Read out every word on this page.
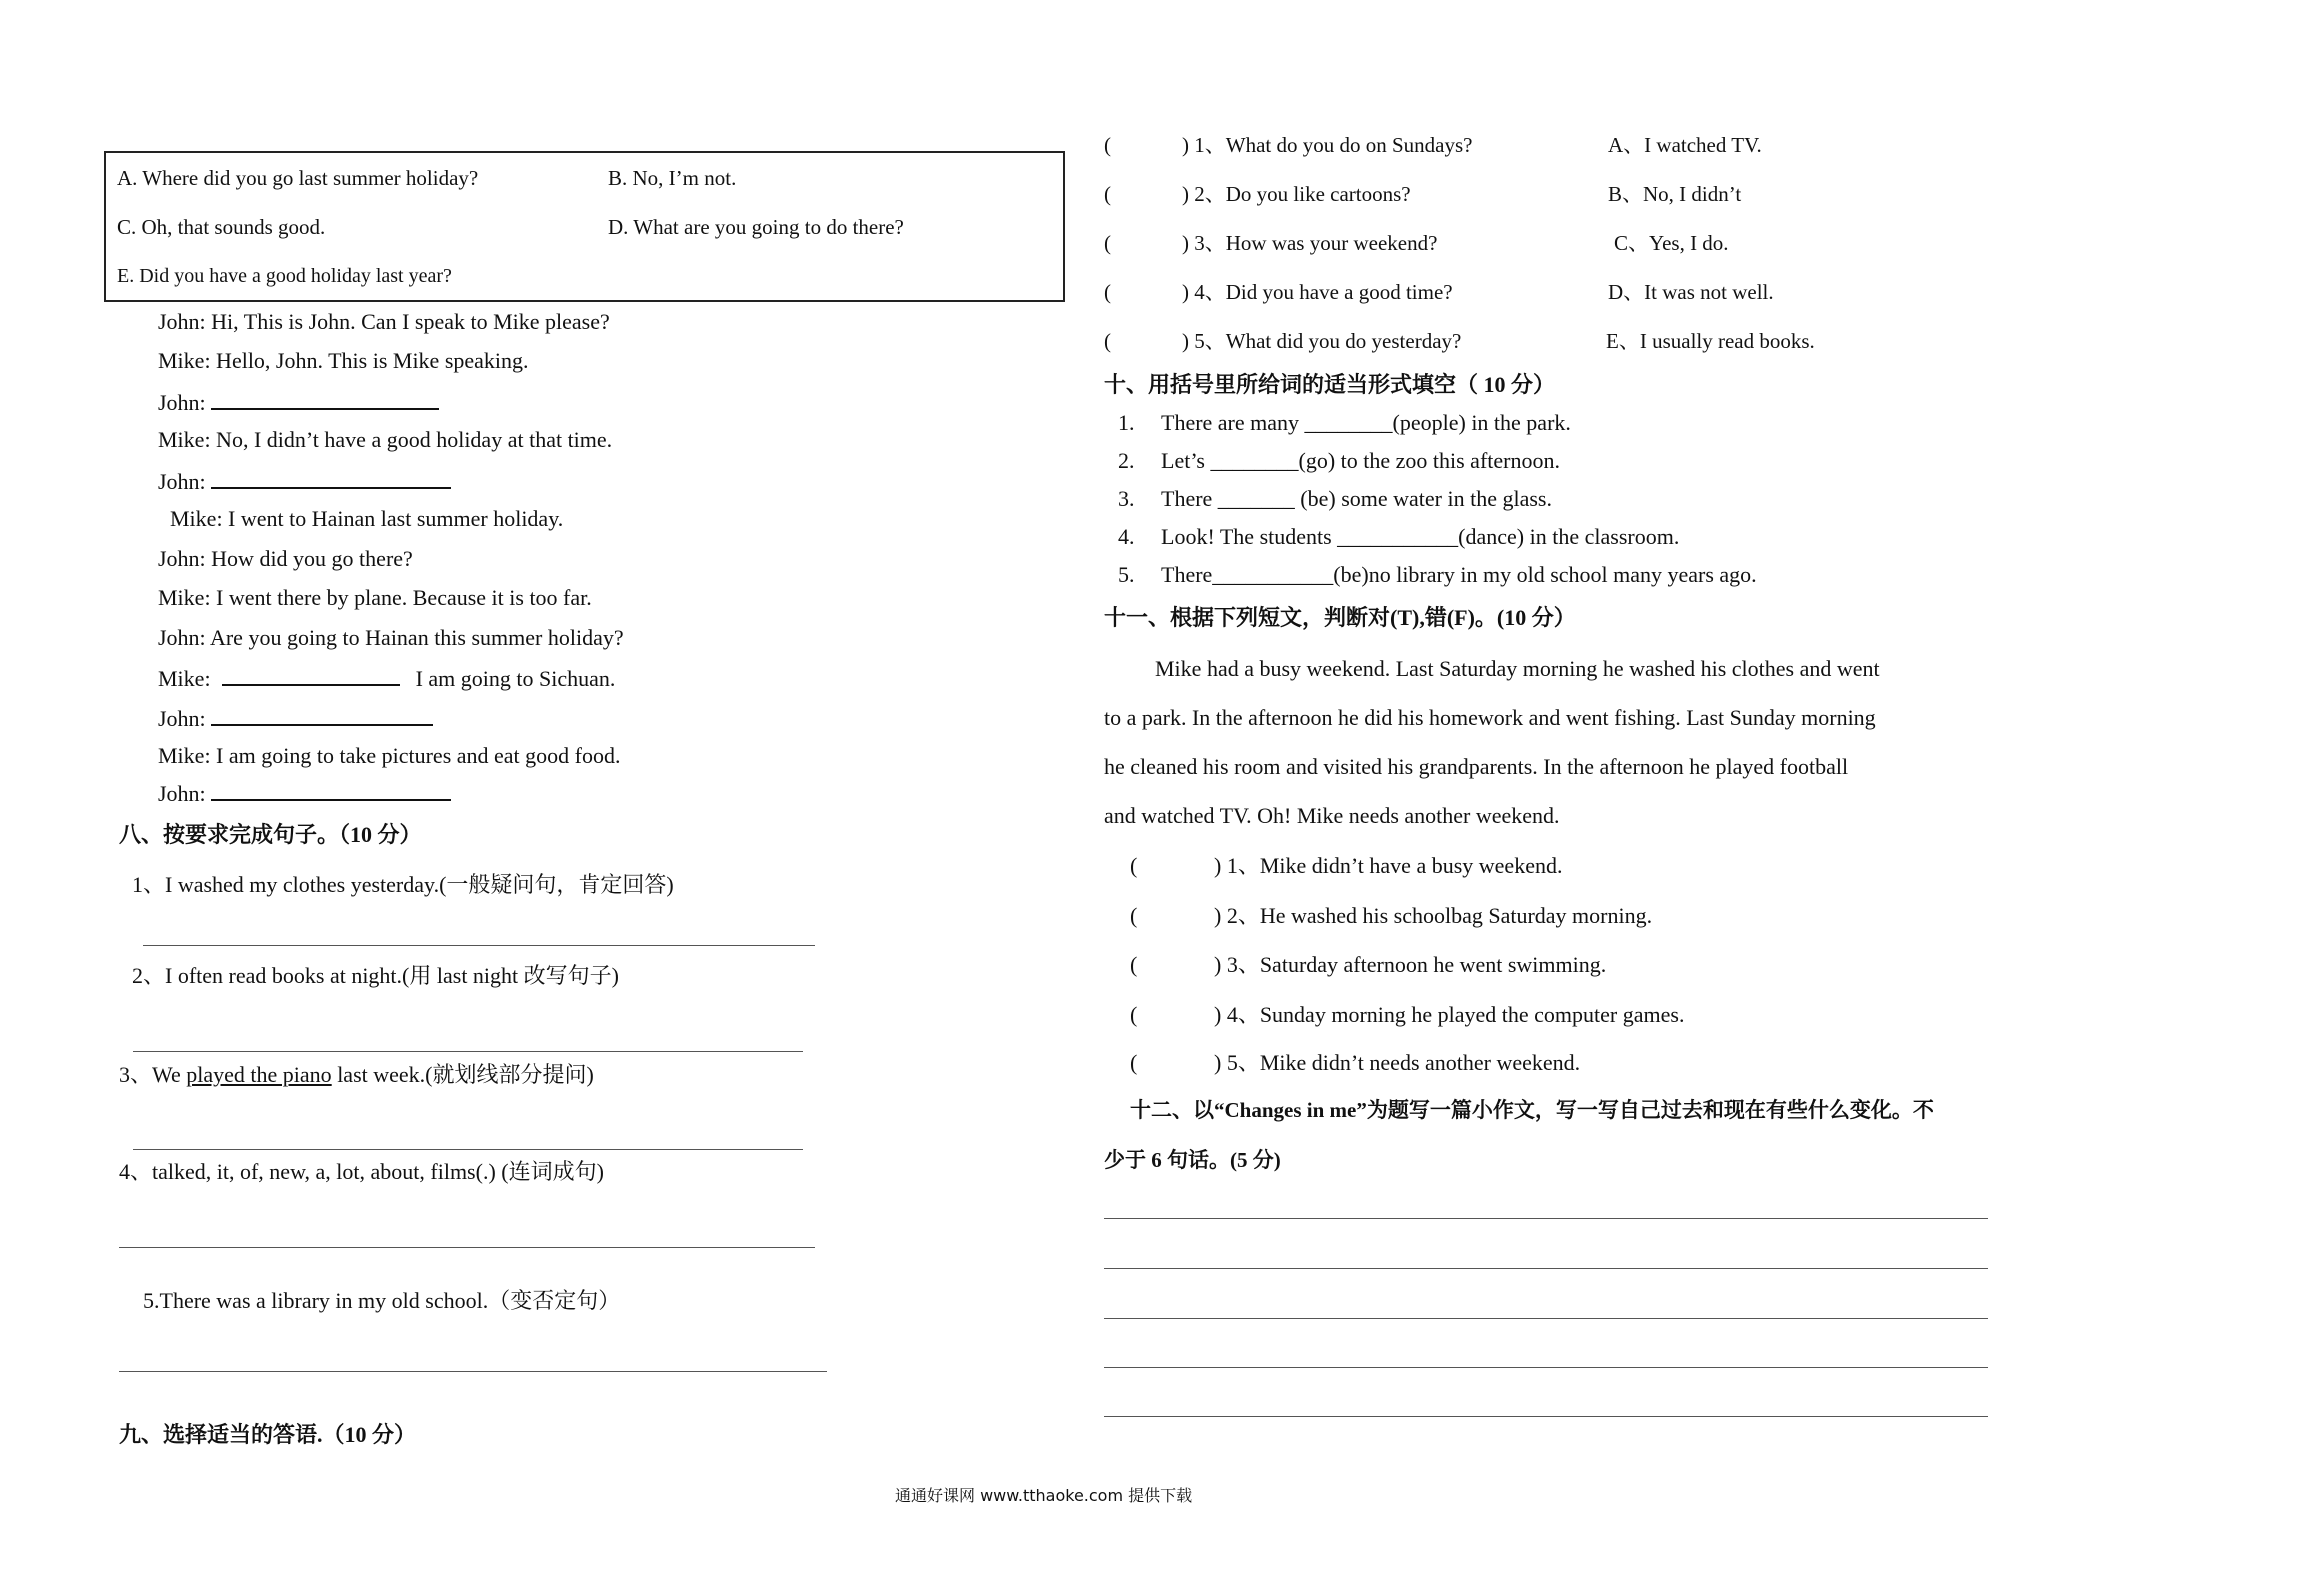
A. Where did you go last summer holiday?	B. No, I’m not.
C. Oh, that sounds good.	D. What are you going to do there?
E. Did you have a good holiday last year?
John: Hi, This is John. Can I speak to Mike please?
Mike: Hello, John. This is Mike speaking.
John:
Mike: No, I didn’t have a good holiday at that time.
John:
Mike: I went to Hainan last summer holiday.
John: How did you go there?
Mike: I went there by plane. Because it is too far.
John: Are you going to Hainan this summer holiday?
Mike:	I am going to Sichuan.
John:
Mike: I am going to take pictures and eat good food.
John:
八、按要求完成句子。（10 分）
1、I washed my clothes yesterday.(一般疑问句，肯定回答)
2、I often read books at night.(用 last night 改写句子)
3、We played the piano last week.(就划线部分提问)
4、talked, it, of, new, a, lot, about, films(.) (连词成句)
5.There was a library in my old school.（变否定句）
九、选择适当的答语.（10 分）
(	) 1、What do you do on Sundays?	A、I watched TV.
(	) 2、Do you like cartoons?	B、No, I didn’t
(	) 3、How was your weekend?	C、Yes, I do.
(	) 4、Did you have a good time?	D、It was not well.
(	) 5、What did you do yesterday?	E、I usually read books.
十、用括号里所给词的适当形式填空（ 10 分）
1. There are many ________(people) in the park.
2. Let’s ________(go) to the zoo this afternoon.
3. There _______ (be) some water in the glass.
4. Look! The students ___________(dance) in the classroom.
5. There___________(be)no library in my old school many years ago.
十一、根据下列短文，判断对(T),错(F)。(10 分）
Mike had a busy weekend. Last Saturday morning he washed his clothes and went
to a park. In the afternoon he did his homework and went fishing. Last Sunday morning
he cleaned his room and visited his grandparents. In the afternoon he played football
and watched TV. Oh! Mike needs another weekend.
(	) 1、Mike didn’t have a busy weekend.
(	) 2、He washed his schoolbag Saturday morning.
(	) 3、Saturday afternoon he went swimming.
(	) 4、Sunday morning he played the computer games.
(	) 5、Mike didn’t needs another weekend.
十二、以“Changes in me”为题写一篇小作文，写一写自己过去和现在有些什么变化。不
少于 6 句话。(5 分)
通通好课网 www.tthaoke.com 提供下载
